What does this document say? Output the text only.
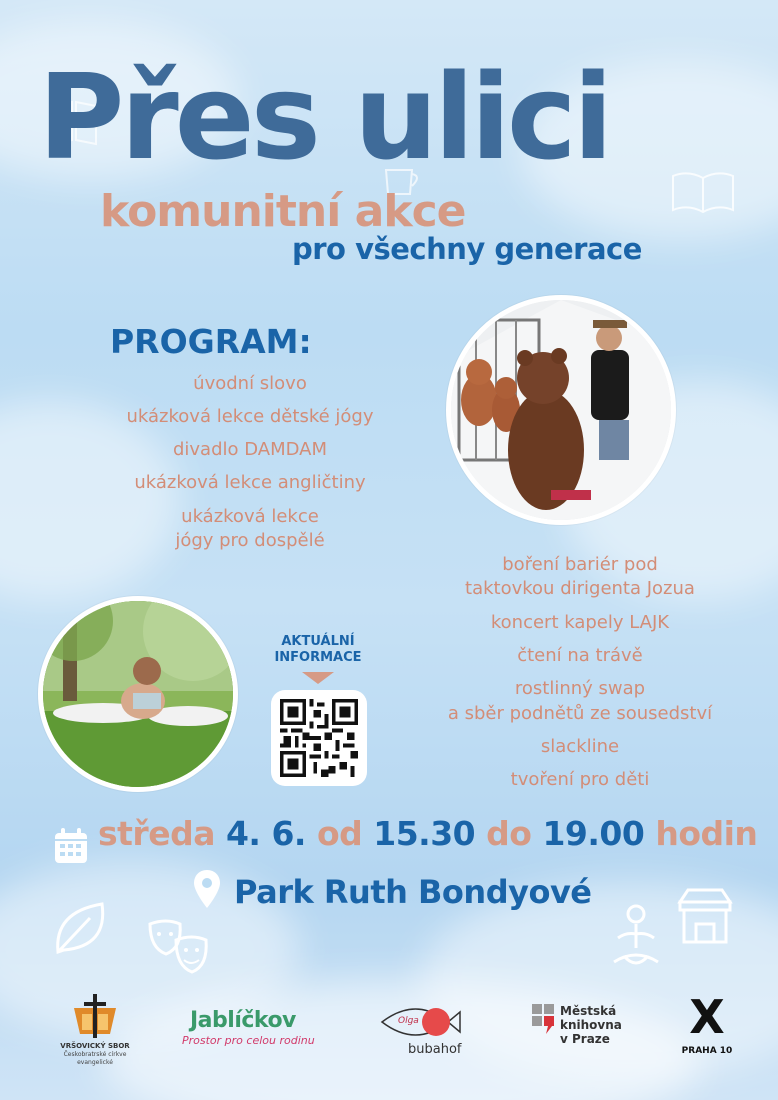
Přes ulici
komunitní akce
pro všechny generace
PROGRAM:
úvodní slovo
ukázková lekce dětské jógy
divadlo DAMDAM
ukázková lekce angličtiny
ukázková lekce
jógy pro dospělé
boření bariér pod
taktovkou dirigenta Jozua
koncert kapely LAJK
čtení na trávě
rostlinný swap
a sběr podnětů ze sousedství
slackline
tvoření pro děti
AKTUÁLNÍ
INFORMACE
středa 4. 6. od 15.30 do 19.00 hodin
Park Ruth Bondyové
VRŠOVICKÝ SBOR
Českobratrské církve
evangelické
Jablíčkov
Prostor pro celou rodinu
Olga
bubahof
Městská
knihovna
v Praze X
PRAHA 10
